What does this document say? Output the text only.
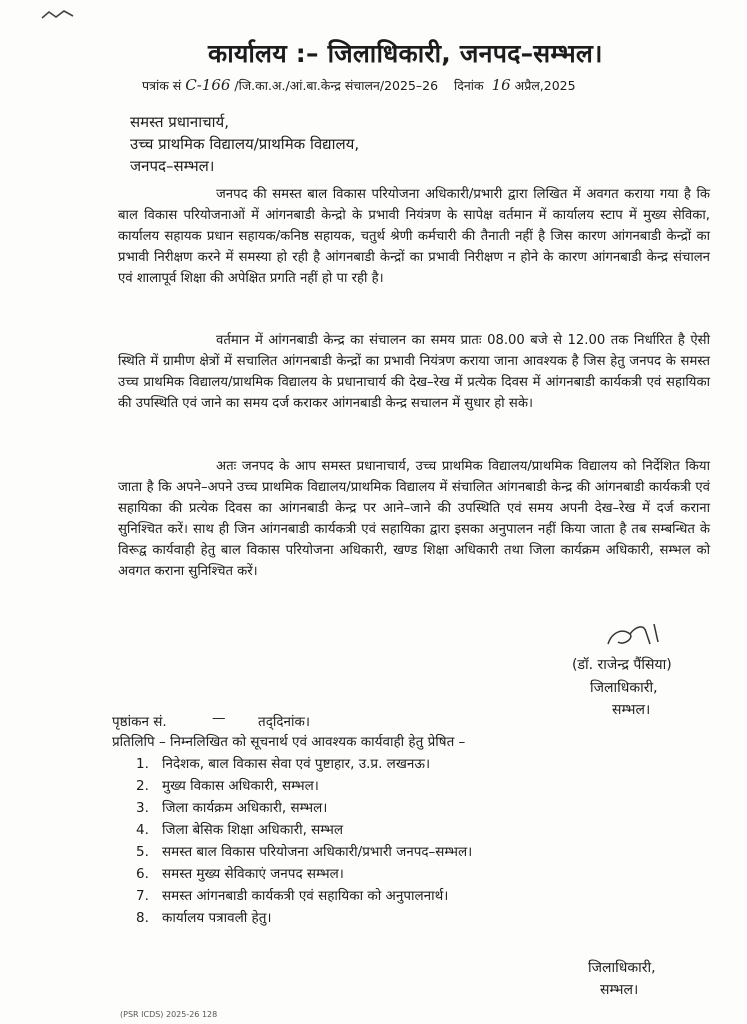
कार्यालय :– जिलाधिकारी, जनपद–सम्भल।
पत्रांक सं C-166 /जि.का.अ./आं.बा.केन्द्र संचालन/2025–26 दिनांक 16 अप्रैल,2025
समस्त प्रधानाचार्य,
उच्च प्राथमिक विद्यालय/प्राथमिक विद्यालय,
जनपद–सम्भल।

जनपद की समस्त बाल विकास परियोजना अधिकारी/प्रभारी द्वारा लिखित में अवगत कराया गया है कि बाल विकास परियोजनाओं में आंगनबाडी केन्द्रो के प्रभावी नियंत्रण के सापेक्ष वर्तमान में कार्यालय स्टाप में मुख्य सेविका, कार्यालय सहायक प्रधान सहायक/कनिष्ठ सहायक, चतुर्थ श्रेणी कर्मचारी की तैनाती नहीं है जिस कारण आंगनबाडी केन्द्रों का प्रभावी निरीक्षण करने में समस्या हो रही है आंगनबाडी केन्द्रों का प्रभावी निरीक्षण न होने के कारण आंगनबाडी केन्द्र संचालन एवं शालापूर्व शिक्षा की अपेक्षित प्रगति नहीं हो पा रही है।

वर्तमान में आंगनबाडी केन्द्र का संचालन का समय प्रातः 08.00 बजे से 12.00 तक निर्धारित है ऐसी स्थिति में ग्रामीण क्षेत्रों में सचालित आंगनबाडी केन्द्रों का प्रभावी नियंत्रण कराया जाना आवश्यक है जिस हेतु जनपद के समस्त उच्च प्राथमिक विद्यालय/प्राथमिक विद्यालय के प्रधानाचार्य की देख–रेख में प्रत्येक दिवस में आंगनबाडी कार्यकत्री एवं सहायिका की उपस्थिति एवं जाने का समय दर्ज कराकर आंगनबाडी केन्द्र सचालन में सुधार हो सके।

अतः जनपद के आप समस्त प्रधानाचार्य, उच्च प्राथमिक विद्यालय/प्राथमिक विद्यालय को निर्देशित किया जाता है कि अपने–अपने उच्च प्राथमिक विद्यालय/प्राथमिक विद्यालय में संचालित आंगनबाडी केन्द्र की आंगनबाडी कार्यकत्री एवं सहायिका की प्रत्येक दिवस का आंगनबाडी केन्द्र पर आने–जाने की उपस्थिति एवं समय अपनी देख–रेख में दर्ज कराना सुनिश्चित करें। साथ ही जिन आंगनबाडी कार्यकत्री एवं सहायिका द्वारा इसका अनुपालन नहीं किया जाता है तब सम्बन्धित के विरूद्व कार्यवाही हेतु बाल विकास परियोजना अधिकारी, खण्ड शिक्षा अधिकारी तथा जिला कार्यक्रम अधिकारी, सम्भल को अवगत कराना सुनिश्चित करें।

(डॉ. राजेन्द्र पैंसिया)
जिलाधिकारी,
सम्भल।
पृष्ठांकन सं.	— तद्‌दिनांक।
प्रतिलिपि – निम्नलिखित को सूचनार्थ एवं आवश्यक कार्यवाही हेतु प्रेषित –
1. निदेशक, बाल विकास सेवा एवं पुष्टाहार, उ.प्र. लखनऊ।
2. मुख्य विकास अधिकारी, सम्भल।
3. जिला कार्यक्रम अधिकारी, सम्भल।
4. जिला बेसिक शिक्षा अधिकारी, सम्भल
5. समस्त बाल विकास परियोजना अधिकारी/प्रभारी जनपद–सम्भल।
6. समस्त मुख्य सेविकाएं जनपद सम्भल।
7. समस्त आंगनबाडी कार्यकत्री एवं सहायिका को अनुपालनार्थ।
8. कार्यालय पत्रावली हेतु।
जिलाधिकारी,
सम्भल।
(PSR ICDS) 2025-26 128
